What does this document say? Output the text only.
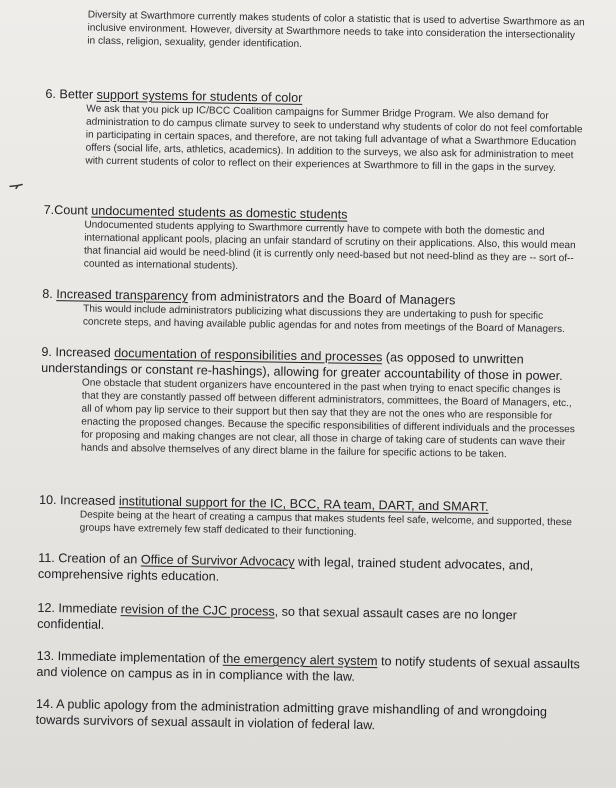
Diversity at Swarthmore currently makes students of color a statistic that is used to advertise Swarthmore as an inclusive environment. However, diversity at Swarthmore needs to take into consideration the intersectionality in class, religion, sexuality, gender identification.
6. Better support systems for students of color
We ask that you pick up IC/BCC Coalition campaigns for Summer Bridge Program. We also demand for administration to do campus climate survey to seek to understand why students of color do not feel comfortable in participating in certain spaces, and therefore, are not taking full advantage of what a Swarthmore Education offers (social life, arts, athletics, academics). In addition to the surveys, we also ask for administration to meet with current students of color to reflect on their experiences at Swarthmore to fill in the gaps in the survey.
7.Count undocumented students as domestic students
Undocumented students applying to Swarthmore currently have to compete with both the domestic and international applicant pools, placing an unfair standard of scrutiny on their applications. Also, this would mean that financial aid would be need-blind (it is currently only need-based but not need-blind as they are -- sort of-- counted as international students).
8. Increased transparency from administrators and the Board of Managers
This would include administrators publicizing what discussions they are undertaking to push for specific concrete steps, and having available public agendas for and notes from meetings of the Board of Managers.
9. Increased documentation of responsibilities and processes (as opposed to unwritten understandings or constant re-hashings), allowing for greater accountability of those in power.
One obstacle that student organizers have encountered in the past when trying to enact specific changes is that they are constantly passed off between different administrators, committees, the Board of Managers, etc., all of whom pay lip service to their support but then say that they are not the ones who are responsible for enacting the proposed changes. Because the specific responsibilities of different individuals and the processes for proposing and making changes are not clear, all those in charge of taking care of students can wave their hands and absolve themselves of any direct blame in the failure for specific actions to be taken.
10. Increased institutional support for the IC, BCC, RA team, DART, and SMART.
Despite being at the heart of creating a campus that makes students feel safe, welcome, and supported, these groups have extremely few staff dedicated to their functioning.
11. Creation of an Office of Survivor Advocacy with legal, trained student advocates, and, comprehensive rights education.
12. Immediate revision of the CJC process, so that sexual assault cases are no longer confidential.
13. Immediate implementation of the emergency alert system to notify students of sexual assaults and violence on campus as in in compliance with the law.
14. A public apology from the administration admitting grave mishandling of and wrongdoing towards survivors of sexual assault in violation of federal law.
